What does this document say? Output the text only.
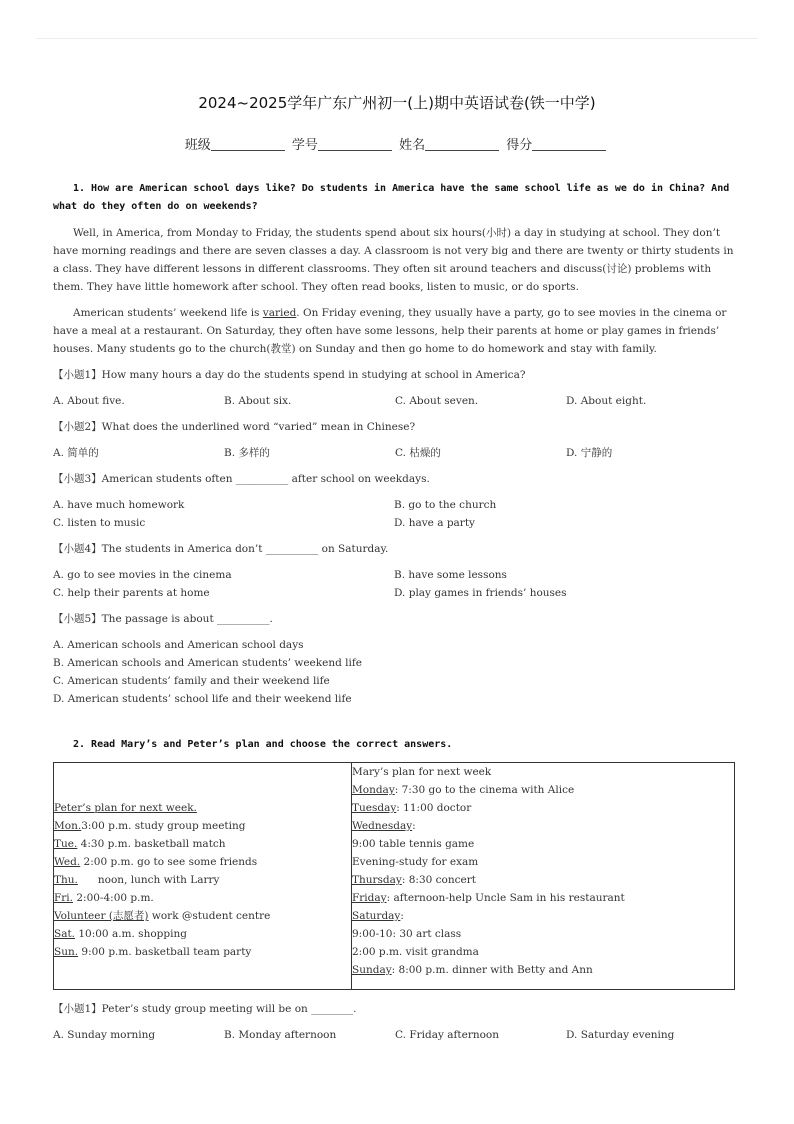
2024~2025学年广东广州初一(上)期中英语试卷(铁一中学)
班级	学号	姓名	得分
1. How are American school days like? Do students in America have the same school life as we do in China? And what do they often do on weekends?
Well, in America, from Monday to Friday, the students spend about six hours(小时) a day in studying at school. They don’t have morning readings and there are seven classes a day. A classroom is not very big and there are twenty or thirty students in a class. They have different lessons in different classrooms. They often sit around teachers and discuss(讨论) problems with them. They have little homework after school. They often read books, listen to music, or do sports.
American students’ weekend life is varied. On Friday evening, they usually have a party, go to see movies in the cinema or have a meal at a restaurant. On Saturday, they often have some lessons, help their parents at home or play games in friends’ houses. Many students go to the church(教堂) on Sunday and then go home to do homework and stay with family.
【小题1】How many hours a day do the students spend in studying at school in America?
A. About five.	B. About six.	C. About seven.	D. About eight.
【小题2】What does the underlined word “varied” mean in Chinese?
A. 简单的	B. 多样的	C. 枯燥的	D. 宁静的
【小题3】American students often __________ after school on weekdays.
A. have much homework	B. go to the church
C. listen to music	D. have a party
【小题4】The students in America don’t __________ on Saturday.
A. go to see movies in the cinema	B. have some lessons
C. help their parents at home	D. play games in friends’ houses
【小题5】The passage is about __________.
A. American schools and American school days
B. American schools and American students’ weekend life
C. American students’ family and their weekend life
D. American students’ school life and their weekend life
2. Read Mary’s and Peter’s plan and choose the correct answers.
Peter’s plan for next week.
Mon.3:00 p.m. study group meeting
Tue. 4:30 p.m. basketball match
Wed. 2:00 p.m. go to see some friends
Thu.      noon, lunch with Larry
Fri. 2:00-4:00 p.m.
Volunteer (志愿者) work @student centre
Sat. 10:00 a.m. shopping
Sun. 9:00 p.m. basketball team party

Mary’s plan for next week
Monday: 7:30 go to the cinema with Alice
Tuesday: 11:00 doctor
Wednesday:
9:00 table tennis game
Evening-study for exam
Thursday: 8:30 concert
Friday: afternoon-help Uncle Sam in his restaurant
Saturday:
9:00-10: 30 art class
2:00 p.m. visit grandma
Sunday: 8:00 p.m. dinner with Betty and Ann
【小题1】Peter’s study group meeting will be on ________.
A. Sunday morning	B. Monday afternoon	C. Friday afternoon	D. Saturday evening
